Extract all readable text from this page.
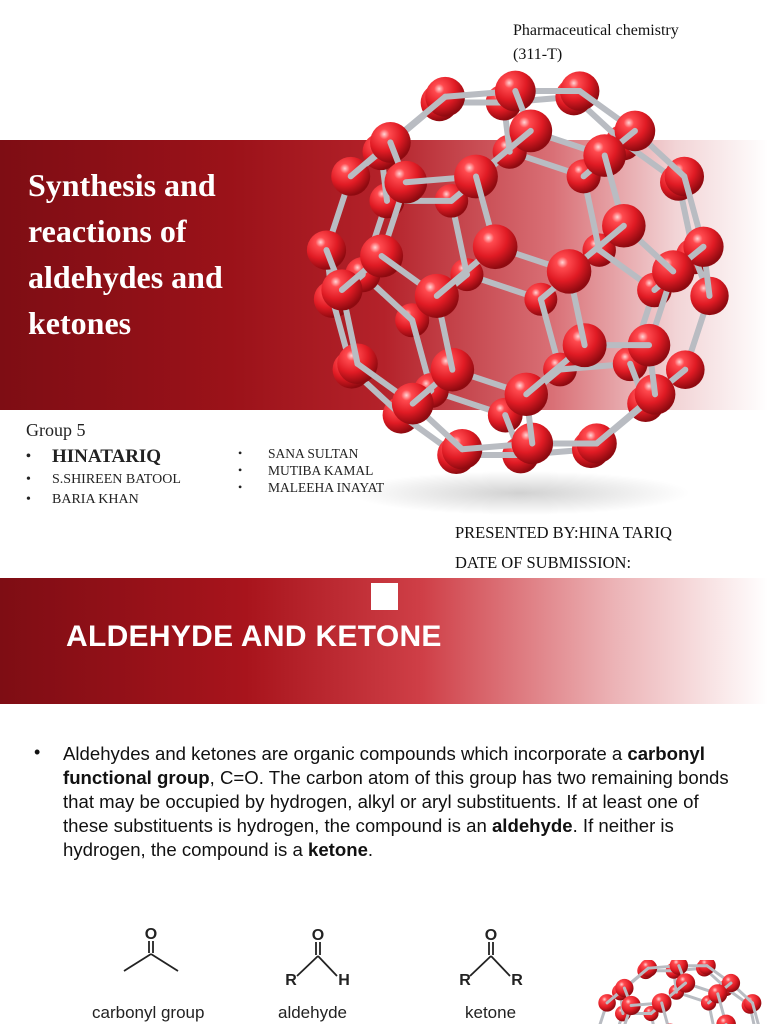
Pharmaceutical chemistry
(311-T)
Synthesis and
reactions of
aldehydes and
ketones
Group 5
•	HINATARIQ
•	S.SHIREEN BATOOL
•	BARIA KHAN
•	SANA SULTAN
•	MUTIBA KAMAL
•	MALEEHA INAYAT
PRESENTED BY:HINA TARIQ
DATE OF SUBMISSION:
ALDEHYDE AND KETONE
• Aldehydes and ketones are organic compounds which incorporate a carbonyl functional group, C=O. The carbon atom of this group has two remaining bonds that may be occupied by hydrogen, alkyl or aryl substituents. If at least one of these substituents is hydrogen, the compound is an aldehyde. If neither is hydrogen, the compound is a ketone.
O	O
R	H
O
R	R
carbonyl group	aldehyde	ketone
